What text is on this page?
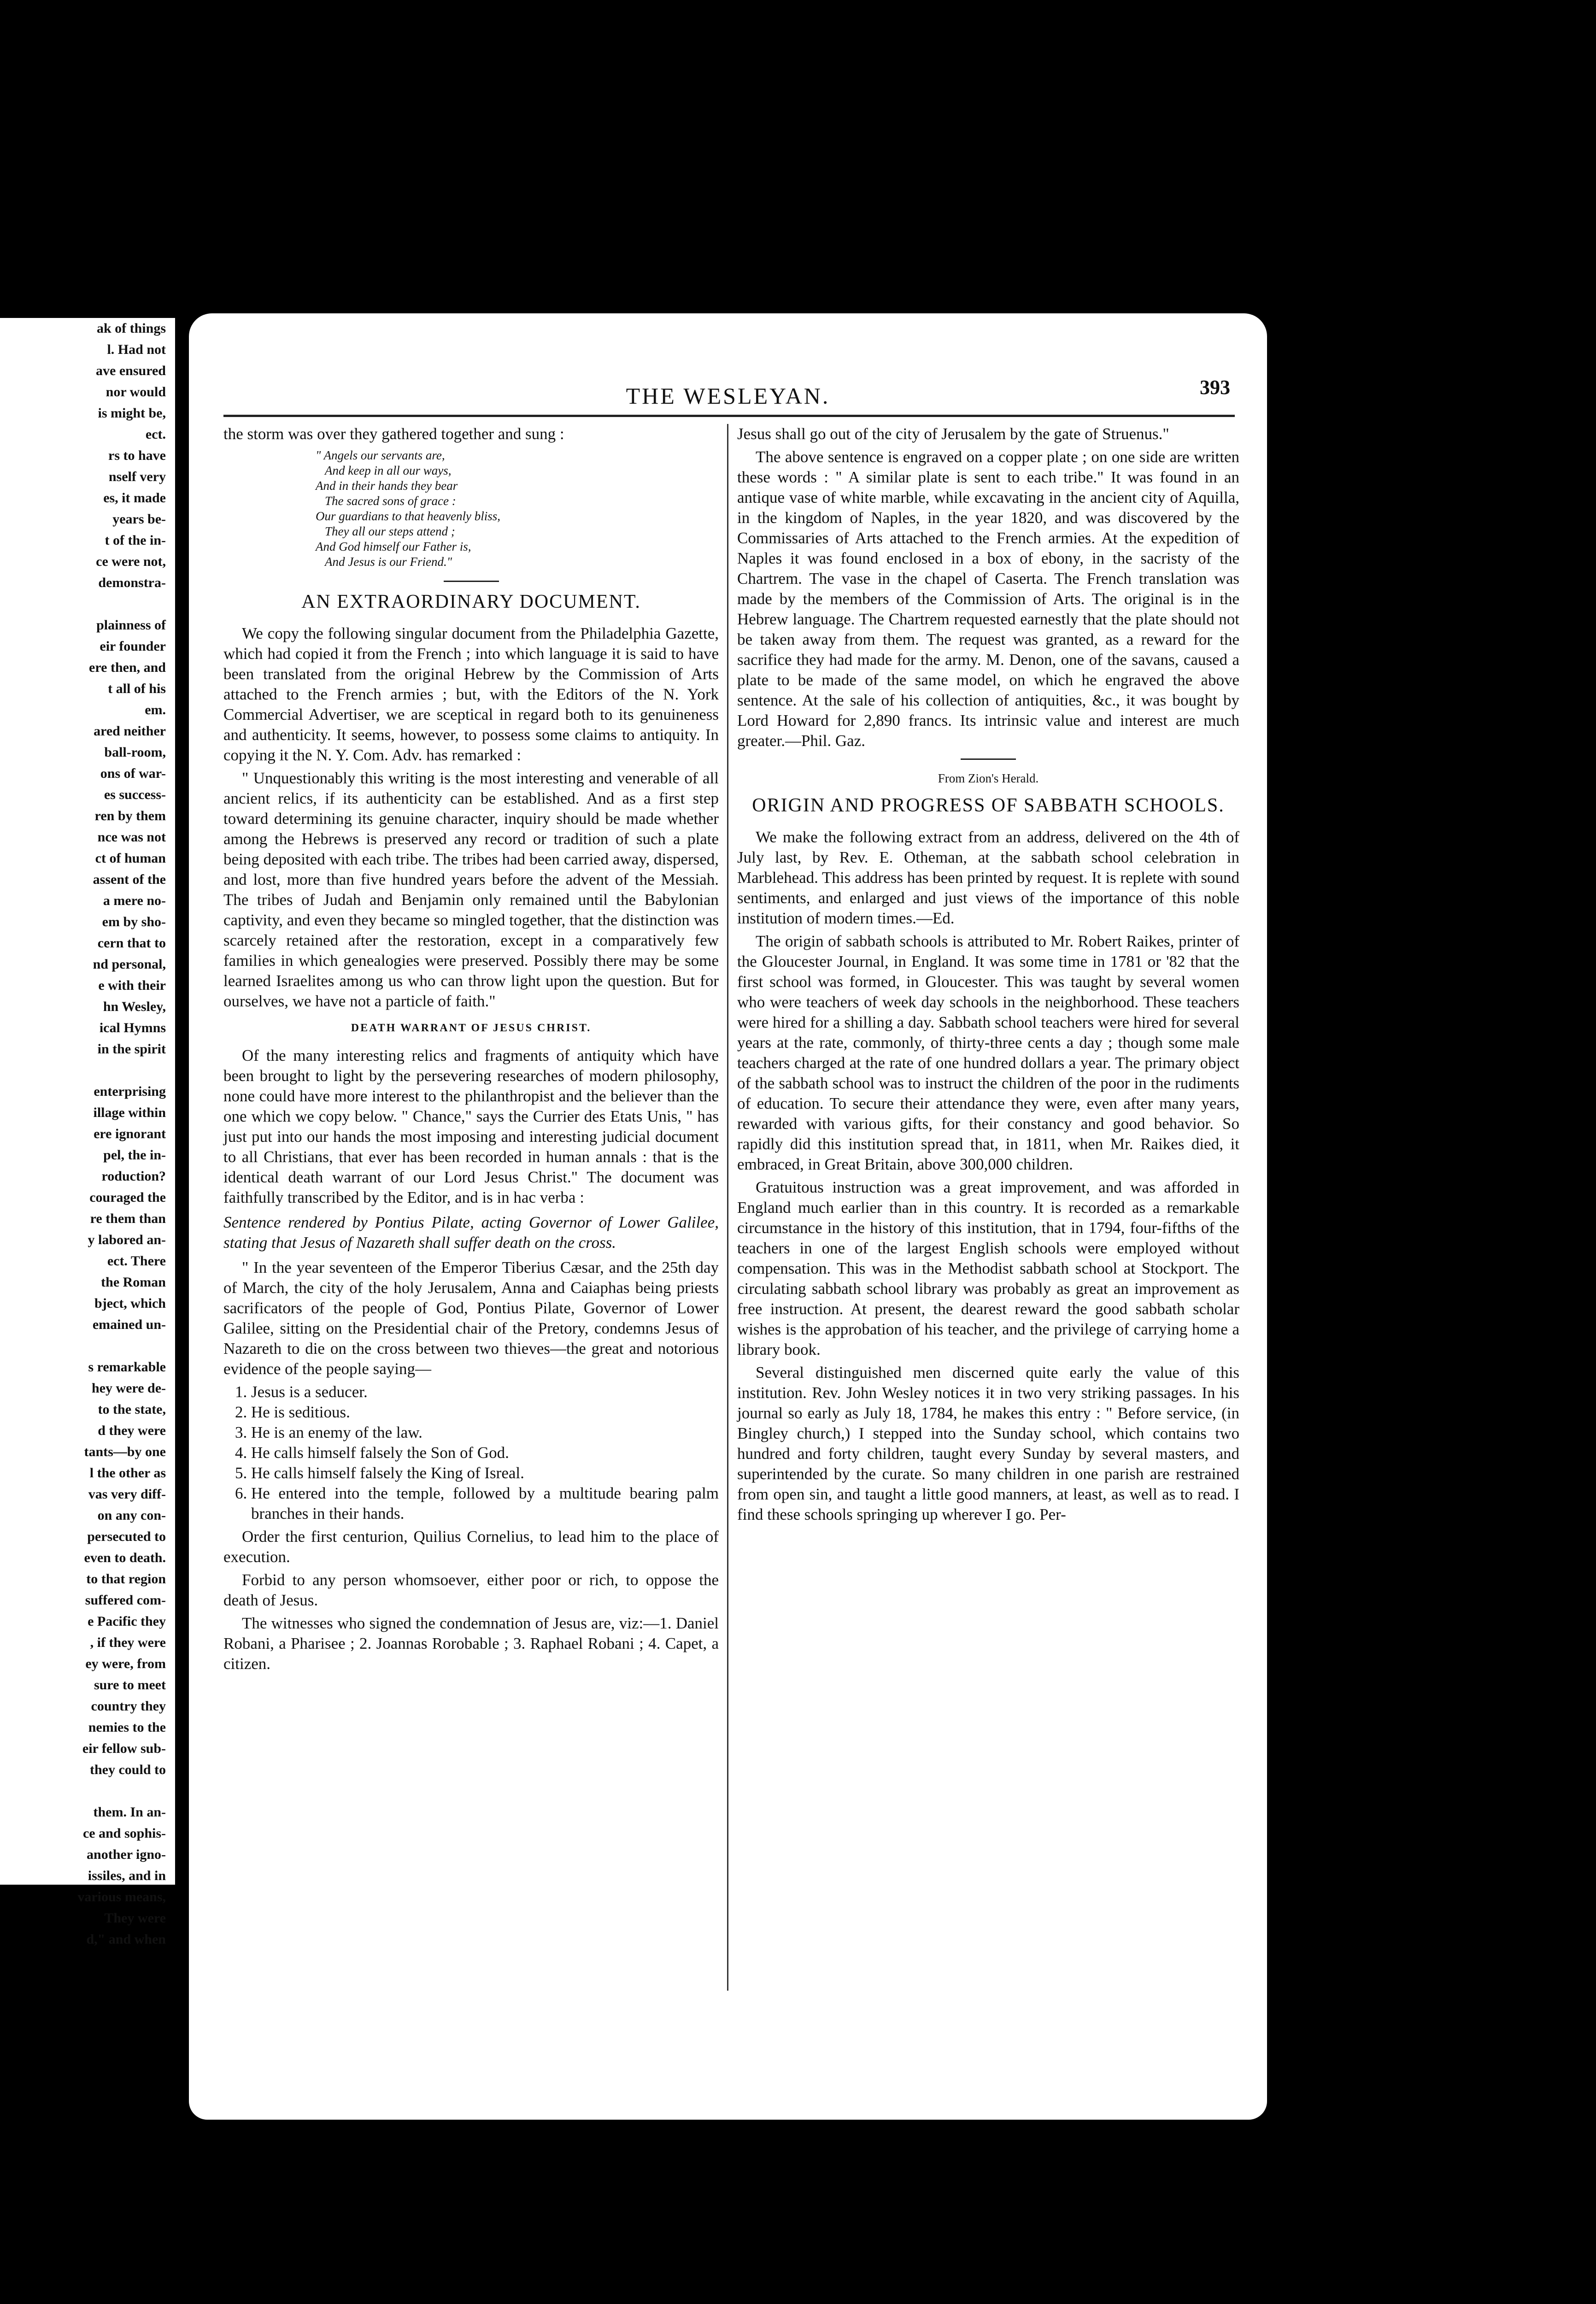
ak of things
l. Had not
ave ensured
nor would
is might be,
ect.
rs to have
nself very
es, it made
years be-
t of the in-
ce were not,
demonstra-

plainness of
eir founder
ere then, and
t all of his
em.
ared neither
ball-room,
ons of war-
es success-
ren by them
nce was not
ct of human
assent of the
a mere no-
em by sho-
cern that to
nd personal,
e with their
hn Wesley,
ical Hymns
in the spirit

enterprising
illage within
ere ignorant
pel, the in-
roduction?
couraged the
re them than
y labored an-
ect. There
the Roman
bject, which
emained un-

s remarkable
hey were de-
to the state,
d they were
tants—by one
l the other as
vas very diff-
on any con-
persecuted to
even to death.
to that region
suffered com-
e Pacific they
, if they were
ey were, from
sure to meet
country they
nemies to the
eir fellow sub-
they could to

them. In an-
ce and sophis-
another igno-
issiles, and in
various means,
They were
d," and when
THE WESLEYAN.	393

the storm was over they gathered together and sung :

" Angels our servants are,
And keep in all our ways,
And in their hands they bear
The sacred sons of grace :
Our guardians to that heavenly bliss,
They all our steps attend ;
And God himself our Father is,
And Jesus is our Friend."
AN EXTRAORDINARY DOCUMENT.

We copy the following singular document from the Philadelphia Gazette, which had copied it from the French ; into which language it is said to have been translated from the original Hebrew by the Commission of Arts attached to the French armies ; but, with the Editors of the N. York Commercial Advertiser, we are sceptical in regard both to its genuineness and authenticity. It seems, however, to possess some claims to antiquity. In copying it the N. Y. Com. Adv. has remarked :

" Unquestionably this writing is the most interesting and venerable of all ancient relics, if its authenticity can be established. And as a first step toward determining its genuine character, inquiry should be made whether among the Hebrews is preserved any record or tradition of such a plate being deposited with each tribe. The tribes had been carried away, dispersed, and lost, more than five hundred years before the advent of the Messiah. The tribes of Judah and Benjamin only remained until the Babylonian captivity, and even they became so mingled together, that the distinction was scarcely retained after the restoration, except in a comparatively few families in which genealogies were preserved. Possibly there may be some learned Israelites among us who can throw light upon the question. But for ourselves, we have not a particle of faith."

DEATH WARRANT OF JESUS CHRIST.

Of the many interesting relics and fragments of antiquity which have been brought to light by the persevering researches of modern philosophy, none could have more interest to the philanthropist and the believer than the one which we copy below. " Chance," says the Currier des Etats Unis, " has just put into our hands the most imposing and interesting judicial document to all Christians, that ever has been recorded in human annals : that is the identical death warrant of our Lord Jesus Christ." The document was faithfully transcribed by the Editor, and is in hac verba :

Sentence rendered by Pontius Pilate, acting Governor of Lower Galilee, stating that Jesus of Nazareth shall suffer death on the cross.

" In the year seventeen of the Emperor Tiberius Cæsar, and the 25th day of March, the city of the holy Jerusalem, Anna and Caiaphas being priests sacrificators of the people of God, Pontius Pilate, Governor of Lower Galilee, sitting on the Presidential chair of the Pretory, condemns Jesus of Nazareth to die on the cross between two thieves—the great and notorious evidence of the people saying—

1. Jesus is a seducer.
2. He is seditious.
3. He is an enemy of the law.
4. He calls himself falsely the Son of God.
5. He calls himself falsely the King of Isreal.
6. He entered into the temple, followed by a multitude bearing palm branches in their hands.

Order the first centurion, Quilius Cornelius, to lead him to the place of execution.

Forbid to any person whomsoever, either poor or rich, to oppose the death of Jesus.

The witnesses who signed the condemnation of Jesus are, viz:—1. Daniel Robani, a Pharisee ; 2. Joannas Rorobable ; 3. Raphael Robani ; 4. Capet, a citizen.

Jesus shall go out of the city of Jerusalem by the gate of Struenus."

The above sentence is engraved on a copper plate ; on one side are written these words : " A similar plate is sent to each tribe." It was found in an antique vase of white marble, while excavating in the ancient city of Aquilla, in the kingdom of Naples, in the year 1820, and was discovered by the Commissaries of Arts attached to the French armies. At the expedition of Naples it was found enclosed in a box of ebony, in the sacristy of the Chartrem. The vase in the chapel of Caserta. The French translation was made by the members of the Commission of Arts. The original is in the Hebrew language. The Chartrem requested earnestly that the plate should not be taken away from them. The request was granted, as a reward for the sacrifice they had made for the army. M. Denon, one of the savans, caused a plate to be made of the same model, on which he engraved the above sentence. At the sale of his collection of antiquities, &c., it was bought by Lord Howard for 2,890 francs. Its intrinsic value and interest are much greater.—Phil. Gaz.

From Zion's Herald.
ORIGIN AND PROGRESS OF SABBATH SCHOOLS.

We make the following extract from an address, delivered on the 4th of July last, by Rev. E. Otheman, at the sabbath school celebration in Marblehead. This address has been printed by request. It is replete with sound sentiments, and enlarged and just views of the importance of this noble institution of modern times.—Ed.

The origin of sabbath schools is attributed to Mr. Robert Raikes, printer of the Gloucester Journal, in England. It was some time in 1781 or '82 that the first school was formed, in Gloucester. This was taught by several women who were teachers of week day schools in the neighborhood. These teachers were hired for a shilling a day. Sabbath school teachers were hired for several years at the rate, commonly, of thirty-three cents a day ; though some male teachers charged at the rate of one hundred dollars a year. The primary object of the sabbath school was to instruct the children of the poor in the rudiments of education. To secure their attendance they were, even after many years, rewarded with various gifts, for their constancy and good behavior. So rapidly did this institution spread that, in 1811, when Mr. Raikes died, it embraced, in Great Britain, above 300,000 children.

Gratuitous instruction was a great improvement, and was afforded in England much earlier than in this country. It is recorded as a remarkable circumstance in the history of this institution, that in 1794, four-fifths of the teachers in one of the largest English schools were employed without compensation. This was in the Methodist sabbath school at Stockport. The circulating sabbath school library was probably as great an improvement as free instruction. At present, the dearest reward the good sabbath scholar wishes is the approbation of his teacher, and the privilege of carrying home a library book.

Several distinguished men discerned quite early the value of this institution. Rev. John Wesley notices it in two very striking passages. In his journal so early as July 18, 1784, he makes this entry : " Before service, (in Bingley church,) I stepped into the Sunday school, which contains two hundred and forty children, taught every Sunday by several masters, and superintended by the curate. So many children in one parish are restrained from open sin, and taught a little good manners, at least, as well as to read. I find these schools springing up wherever I go. Per-
